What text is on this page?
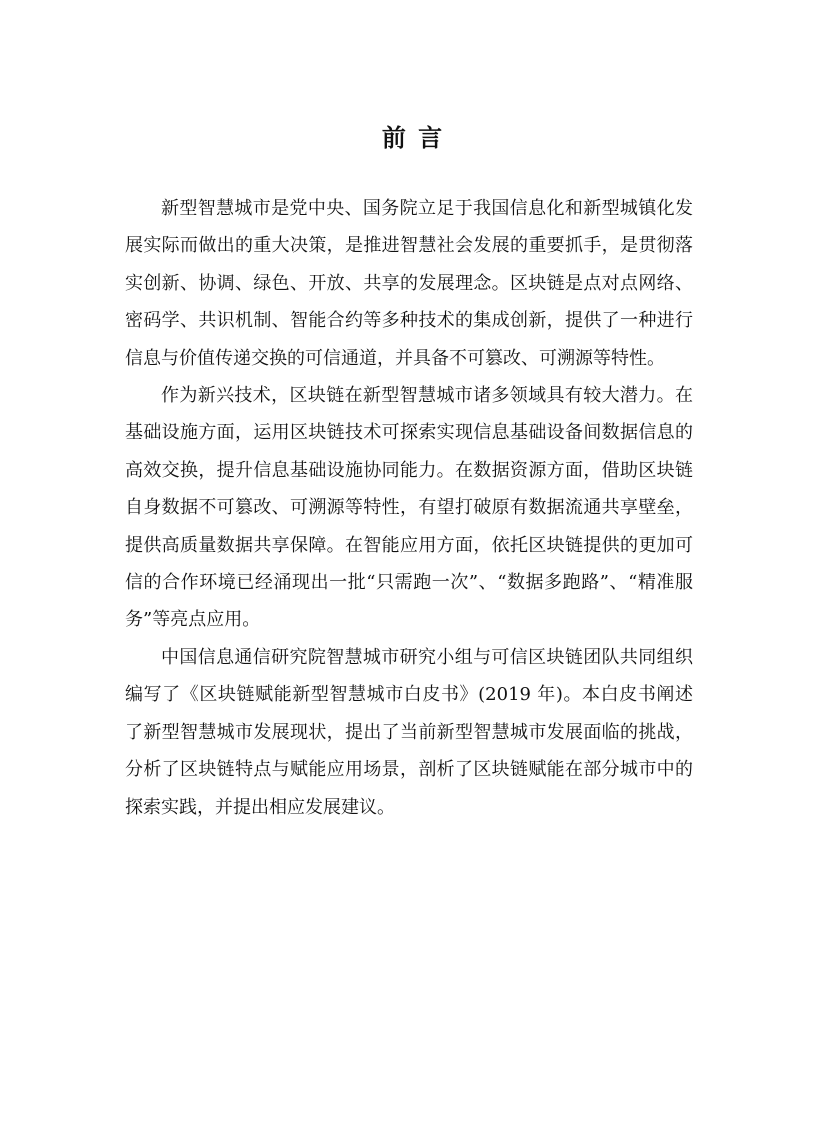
前 言

新型智慧城市是党中央、国务院立足于我国信息化和新型城镇化发展实际而做出的重大决策，是推进智慧社会发展的重要抓手，是贯彻落实创新、协调、绿色、开放、共享的发展理念。区块链是点对点网络、密码学、共识机制、智能合约等多种技术的集成创新，提供了一种进行信息与价值传递交换的可信通道，并具备不可篡改、可溯源等特性。

作为新兴技术，区块链在新型智慧城市诸多领域具有较大潜力。在基础设施方面，运用区块链技术可探索实现信息基础设备间数据信息的高效交换，提升信息基础设施协同能力。在数据资源方面，借助区块链自身数据不可篡改、可溯源等特性，有望打破原有数据流通共享壁垒，提供高质量数据共享保障。在智能应用方面，依托区块链提供的更加可信的合作环境已经涌现出一批“只需跑一次”、“数据多跑路”、“精准服务”等亮点应用。

中国信息通信研究院智慧城市研究小组与可信区块链团队共同组织编写了《区块链赋能新型智慧城市白皮书》(2019 年)。本白皮书阐述了新型智慧城市发展现状，提出了当前新型智慧城市发展面临的挑战，分析了区块链特点与赋能应用场景，剖析了区块链赋能在部分城市中的探索实践，并提出相应发展建议。
